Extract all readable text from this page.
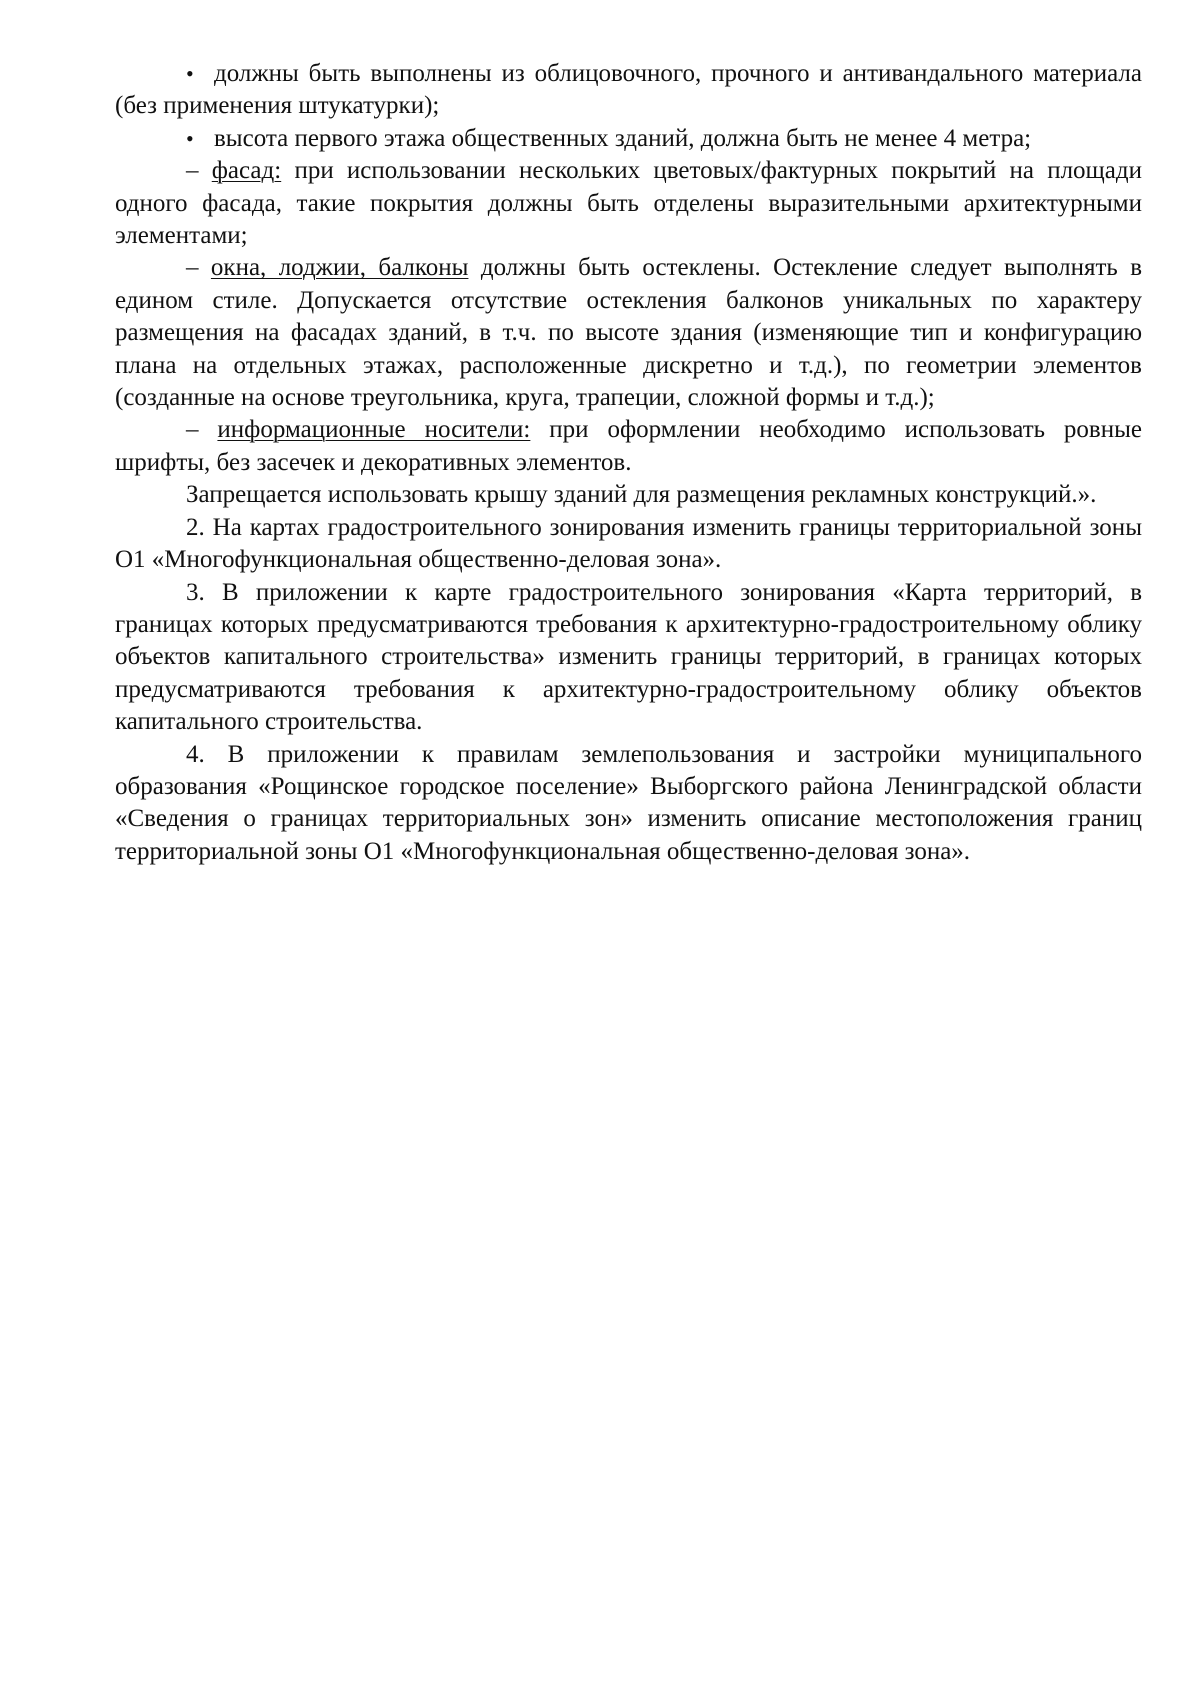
•должны быть выполнены из облицовочного, прочного и антивандального материала (без применения штукатурки);

•высота первого этажа общественных зданий, должна быть не менее 4 метра;

– фасад: при использовании нескольких цветовых/фактурных покрытий на площади одного фасада, такие покрытия должны быть отделены выразительными архитектурными элементами;

– окна, лоджии, балконы должны быть остеклены. Остекление следует выполнять в едином стиле. Допускается отсутствие остекления балконов уникальных по характеру размещения на фасадах зданий, в т.ч. по высоте здания (изменяющие тип и конфигурацию плана на отдельных этажах, расположенные дискретно и т.д.), по геометрии элементов (созданные на основе треугольника, круга, трапеции, сложной формы и т.д.);

– информационные носители: при оформлении необходимо использовать ровные шрифты, без засечек и декоративных элементов.

Запрещается использовать крышу зданий для размещения рекламных конструкций.».

2. На картах градостроительного зонирования изменить границы территориальной зоны О1 «Многофункциональная общественно-деловая зона».

3. В приложении к карте градостроительного зонирования «Карта территорий, в границах которых предусматриваются требования к архитектурно-градостроительному облику объектов капитального строительства» изменить границы территорий, в границах которых предусматриваются требования к архитектурно-градостроительному облику объектов капитального строительства.

4. В приложении к правилам землепользования и застройки муниципального образования «Рощинское городское поселение» Выборгского района Ленинградской области «Сведения о границах территориальных зон» изменить описание местоположения границ территориальной зоны О1 «Многофункциональная общественно-деловая зона».
